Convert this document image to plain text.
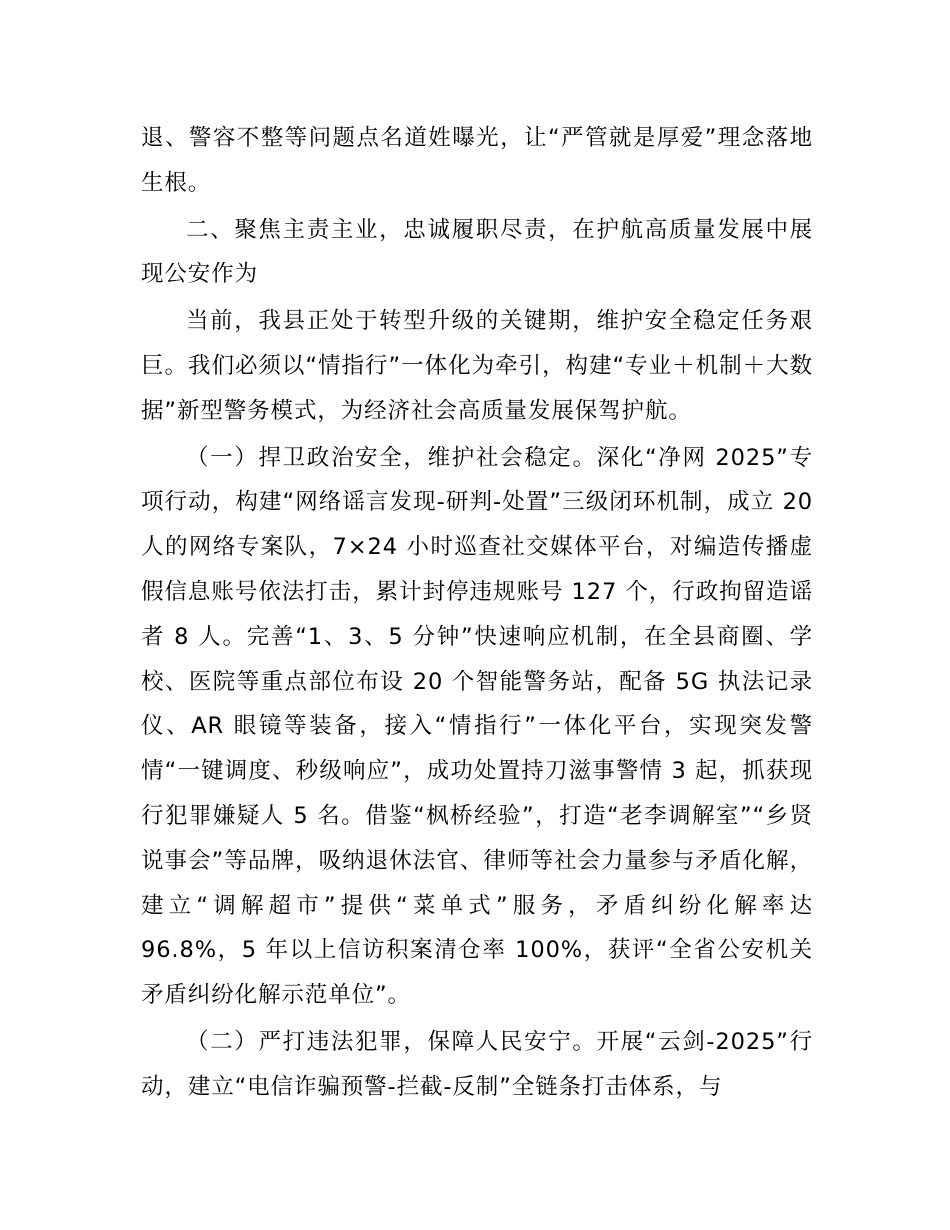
退、警容不整等问题点名道姓曝光，让“严管就是厚爱”理念落地生根。

二、聚焦主责主业，忠诚履职尽责，在护航高质量发展中展现公安作为

当前，我县正处于转型升级的关键期，维护安全稳定任务艰巨。我们必须以“情指行”一体化为牵引，构建“专业＋机制＋大数据”新型警务模式，为经济社会高质量发展保驾护航。

（一）捍卫政治安全，维护社会稳定。深化“净网 2025”专项行动，构建“网络谣言发现-研判-处置”三级闭环机制，成立 20 人的网络专案队，7×24 小时巡查社交媒体平台，对编造传播虚假信息账号依法打击，累计封停违规账号 127 个，行政拘留造谣者 8 人。完善“1、3、5 分钟”快速响应机制，在全县商圈、学校、医院等重点部位布设 20 个智能警务站，配备 5G 执法记录仪、AR 眼镜等装备，接入“情指行”一体化平台，实现突发警情“一键调度、秒级响应”，成功处置持刀滋事警情 3 起，抓获现行犯罪嫌疑人 5 名。借鉴“枫桥经验”，打造“老李调解室”“乡贤说事会”等品牌，吸纳退休法官、律师等社会力量参与矛盾化解，建立“调解超市”提供“菜单式”服务，矛盾纠纷化解率达 96.8%，5 年以上信访积案清仓率 100%，获评“全省公安机关矛盾纠纷化解示范单位”。

（二）严打违法犯罪，保障人民安宁。开展“云剑-2025”行动，建立“电信诈骗预警-拦截-反制”全链条打击体系，与
